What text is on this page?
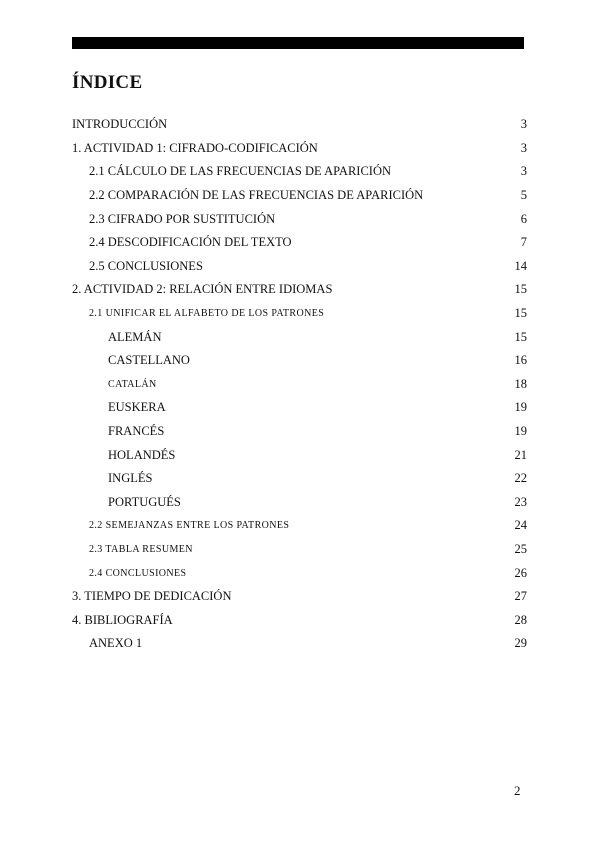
ÍNDICE
INTRODUCCIÓN	3
1. ACTIVIDAD 1: CIFRADO-CODIFICACIÓN	3
2.1 CÁLCULO DE LAS FRECUENCIAS DE APARICIÓN	3
2.2 COMPARACIÓN DE LAS FRECUENCIAS DE APARICIÓN	5
2.3 CIFRADO POR SUSTITUCIÓN	6
2.4 DESCODIFICACIÓN DEL TEXTO	7
2.5 CONCLUSIONES	14
2. ACTIVIDAD 2: RELACIÓN ENTRE IDIOMAS	15
2.1 UNIFICAR EL ALFABETO DE LOS PATRONES	15
ALEMÁN	15
CASTELLANO	16
CATALÁN	18
EUSKERA	19
FRANCÉS	19
HOLANDÉS	21
INGLÉS	22
PORTUGUÉS	23
2.2 SEMEJANZAS ENTRE LOS PATRONES	24
2.3 TABLA RESUMEN	25
2.4 CONCLUSIONES	26
3. TIEMPO DE DEDICACIÓN	27
4. BIBLIOGRAFÍA	28
ANEXO 1	29
2
